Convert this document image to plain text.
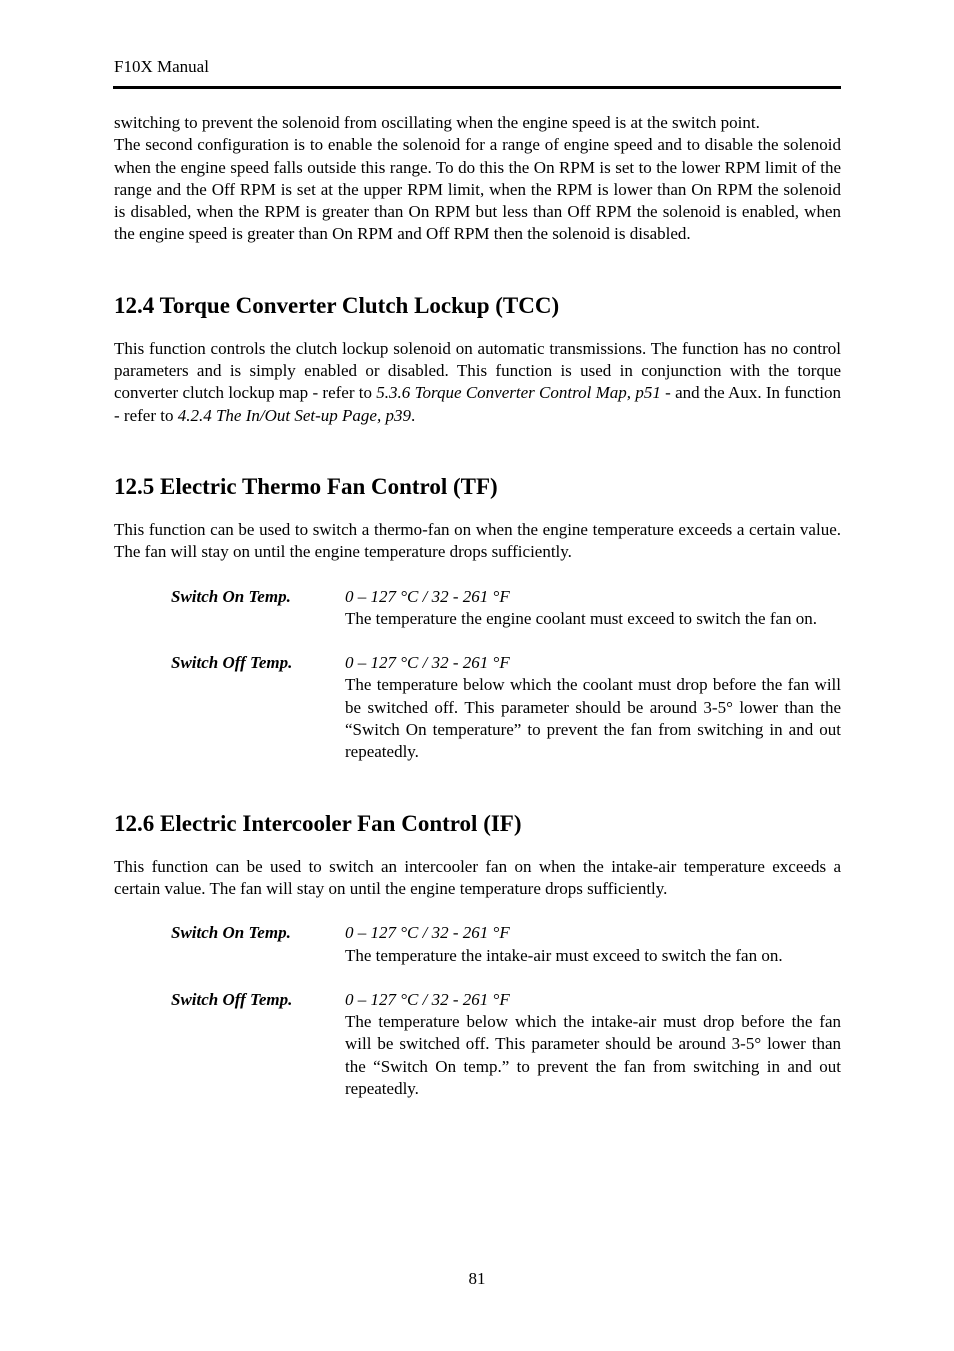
F10X Manual

switching to prevent the solenoid from oscillating when the engine speed is at the switch point.

The second configuration is to enable the solenoid for a range of engine speed and to disable the solenoid when the engine speed falls outside this range. To do this the On RPM is set to the lower RPM limit of the range and the Off RPM is set at the upper RPM limit, when the RPM is lower than On RPM the solenoid is disabled, when the RPM is greater than On RPM but less than Off RPM the solenoid is enabled, when the engine speed is greater than On RPM and Off RPM then the solenoid is disabled.

12.4 Torque Converter Clutch Lockup (TCC)

This function controls the clutch lockup solenoid on automatic transmissions. The function has no control parameters and is simply enabled or disabled. This function is used in conjunction with the torque converter clutch lockup map - refer to 5.3.6 Torque Converter Control Map, p51 - and the Aux. In function - refer to 4.2.4 The In/Out Set-up Page, p39.

12.5 Electric Thermo Fan Control (TF)

This function can be used to switch a thermo-fan on when the engine temperature exceeds a certain value. The fan will stay on until the engine temperature drops sufficiently.

Switch On Temp.	0 – 127 °C / 32 - 261 °F

The temperature the engine coolant must exceed to switch the fan on.

Switch Off Temp.	0 – 127 °C / 32 - 261 °F

The temperature below which the coolant must drop before the fan will be switched off. This parameter should be around 3-5° lower than the “Switch On temperature” to prevent the fan from switching in and out repeatedly.

12.6 Electric Intercooler Fan Control (IF)

This function can be used to switch an intercooler fan on when the intake-air temperature exceeds a certain value. The fan will stay on until the engine temperature drops sufficiently.

Switch On Temp.	0 – 127 °C / 32 - 261 °F

The temperature the intake-air must exceed to switch the fan on.

Switch Off Temp.	0 – 127 °C / 32 - 261 °F

The temperature below which the intake-air must drop before the fan will be switched off. This parameter should be around 3-5° lower than the “Switch On temp.” to prevent the fan from switching in and out repeatedly.

81
